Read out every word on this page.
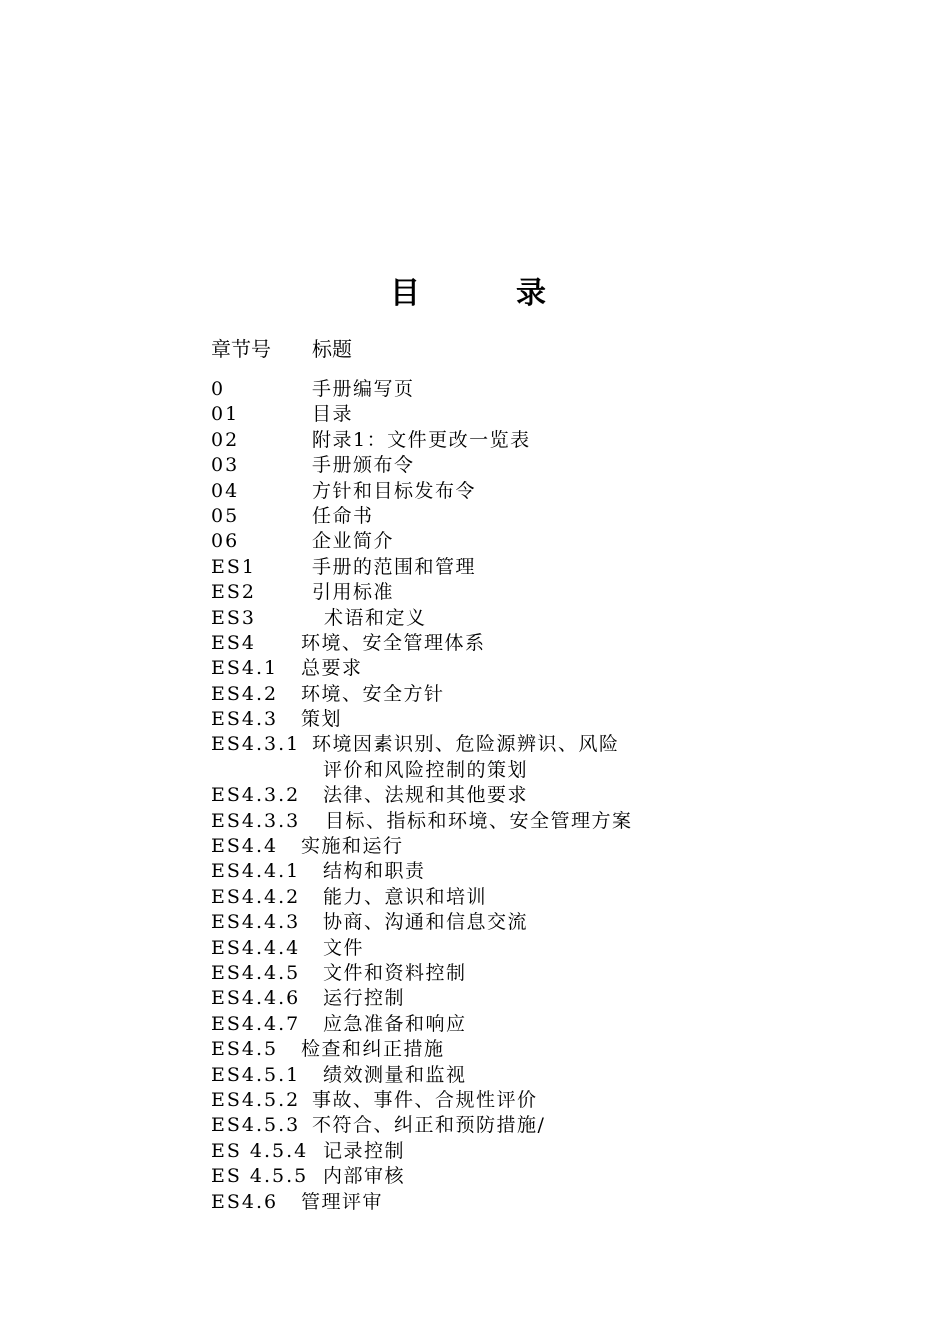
目	录
章节号 标题
0	手册编写页
01	目录
02	附录1：文件更改一览表
03	手册颁布令
04	方针和目标发布令
05	任命书
06	企业简介
ES1	手册的范围和管理
ES2	引用标准
ES3	术语和定义
ES4 环境、安全管理体系
ES4.1 总要求
ES4.2 环境、安全方针
ES4.3 策划
ES4.3.1 环境因素识别、危险源辨识、风险
评价和风险控制的策划
ES4.3.2 法律、法规和其他要求
ES4.3.3 目标、指标和环境、安全管理方案
ES4.4 实施和运行
ES4.4.1 结构和职责
ES4.4.2 能力、意识和培训
ES4.4.3 协商、沟通和信息交流
ES4.4.4 文件
ES4.4.5 文件和资料控制
ES4.4.6 运行控制
ES4.4.7 应急准备和响应
ES4.5 检查和纠正措施
ES4.5.1 绩效测量和监视
ES4.5.2 事故、事件、合规性评价
ES4.5.3 不符合、纠正和预防措施/
ES 4.5.4 记录控制
ES 4.5.5 内部审核
ES4.6 管理评审
